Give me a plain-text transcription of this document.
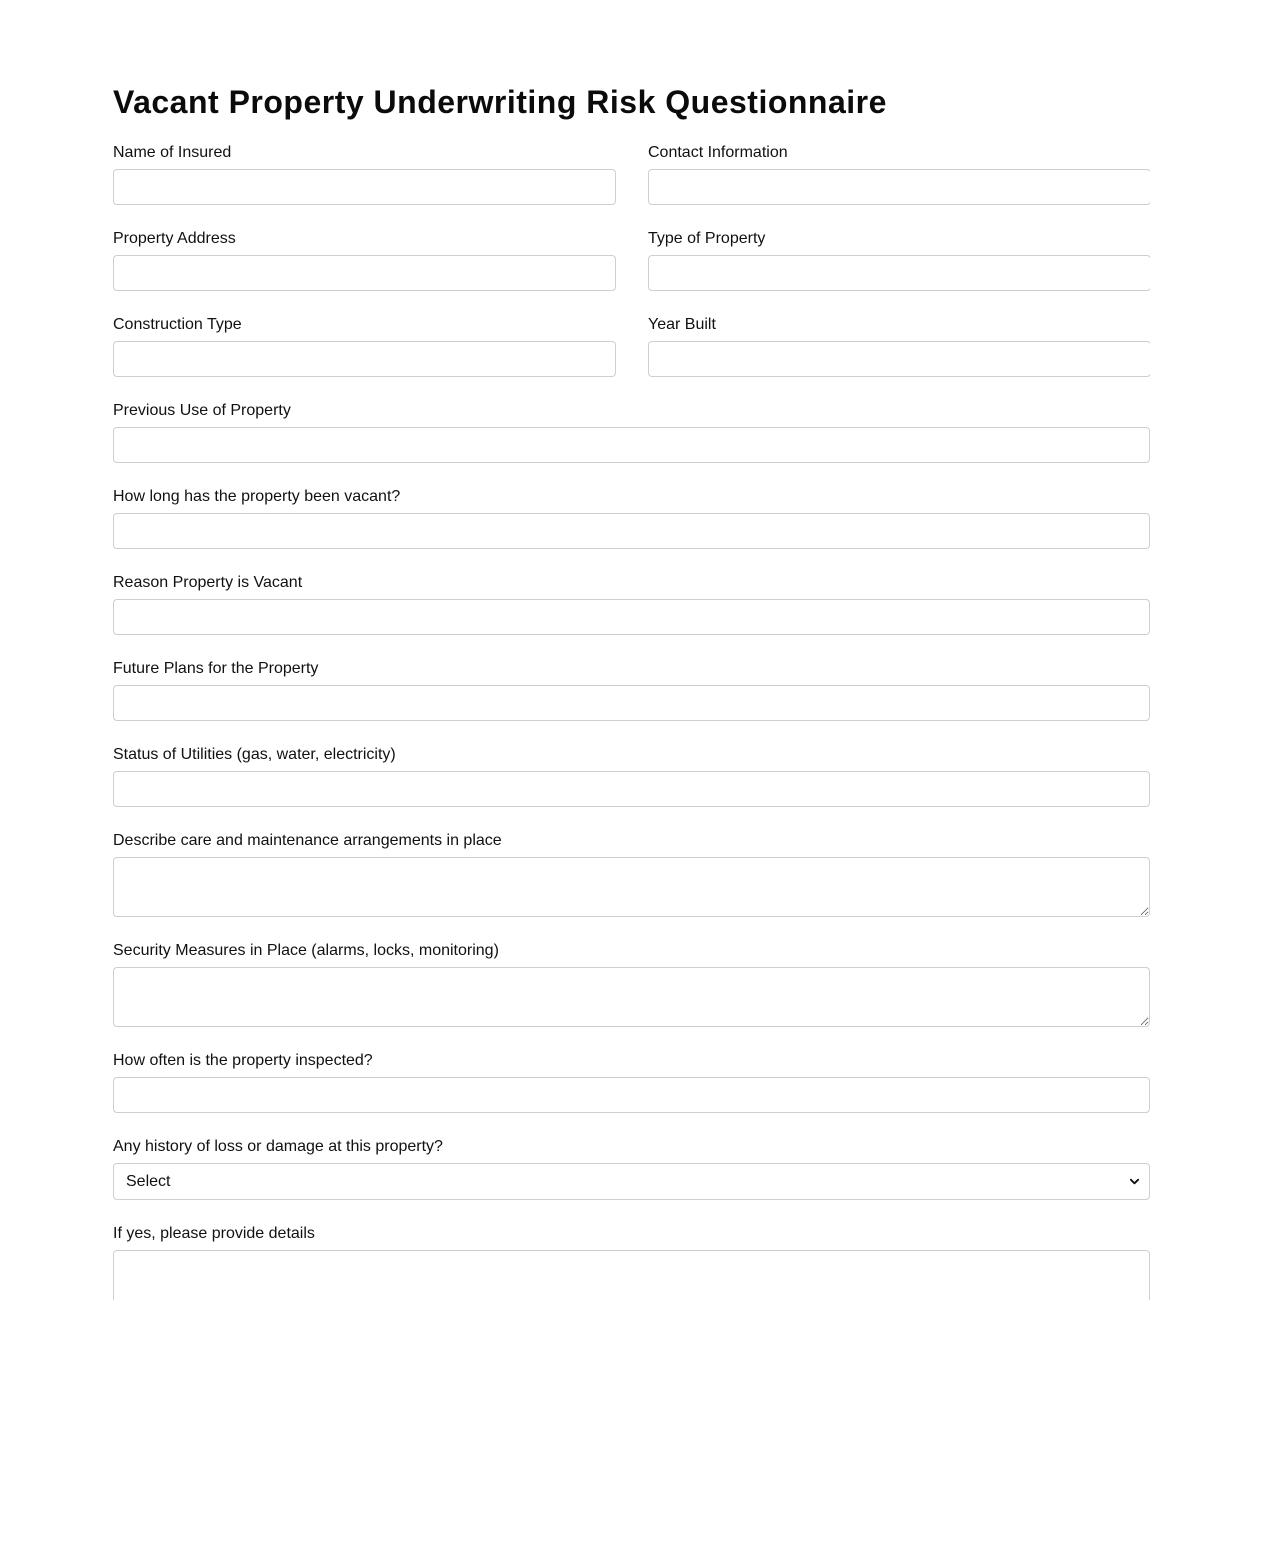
Vacant Property Underwriting Risk Questionnaire
Name of Insured	Contact Information
Property Address	Type of Property
Construction Type	Year Built
Previous Use of Property
How long has the property been vacant?
Reason Property is Vacant
Future Plans for the Property
Status of Utilities (gas, water, electricity)
Describe care and maintenance arrangements in place
Security Measures in Place (alarms, locks, monitoring)
How often is the property inspected?
Any history of loss or damage at this property?
Select
If yes, please provide details
